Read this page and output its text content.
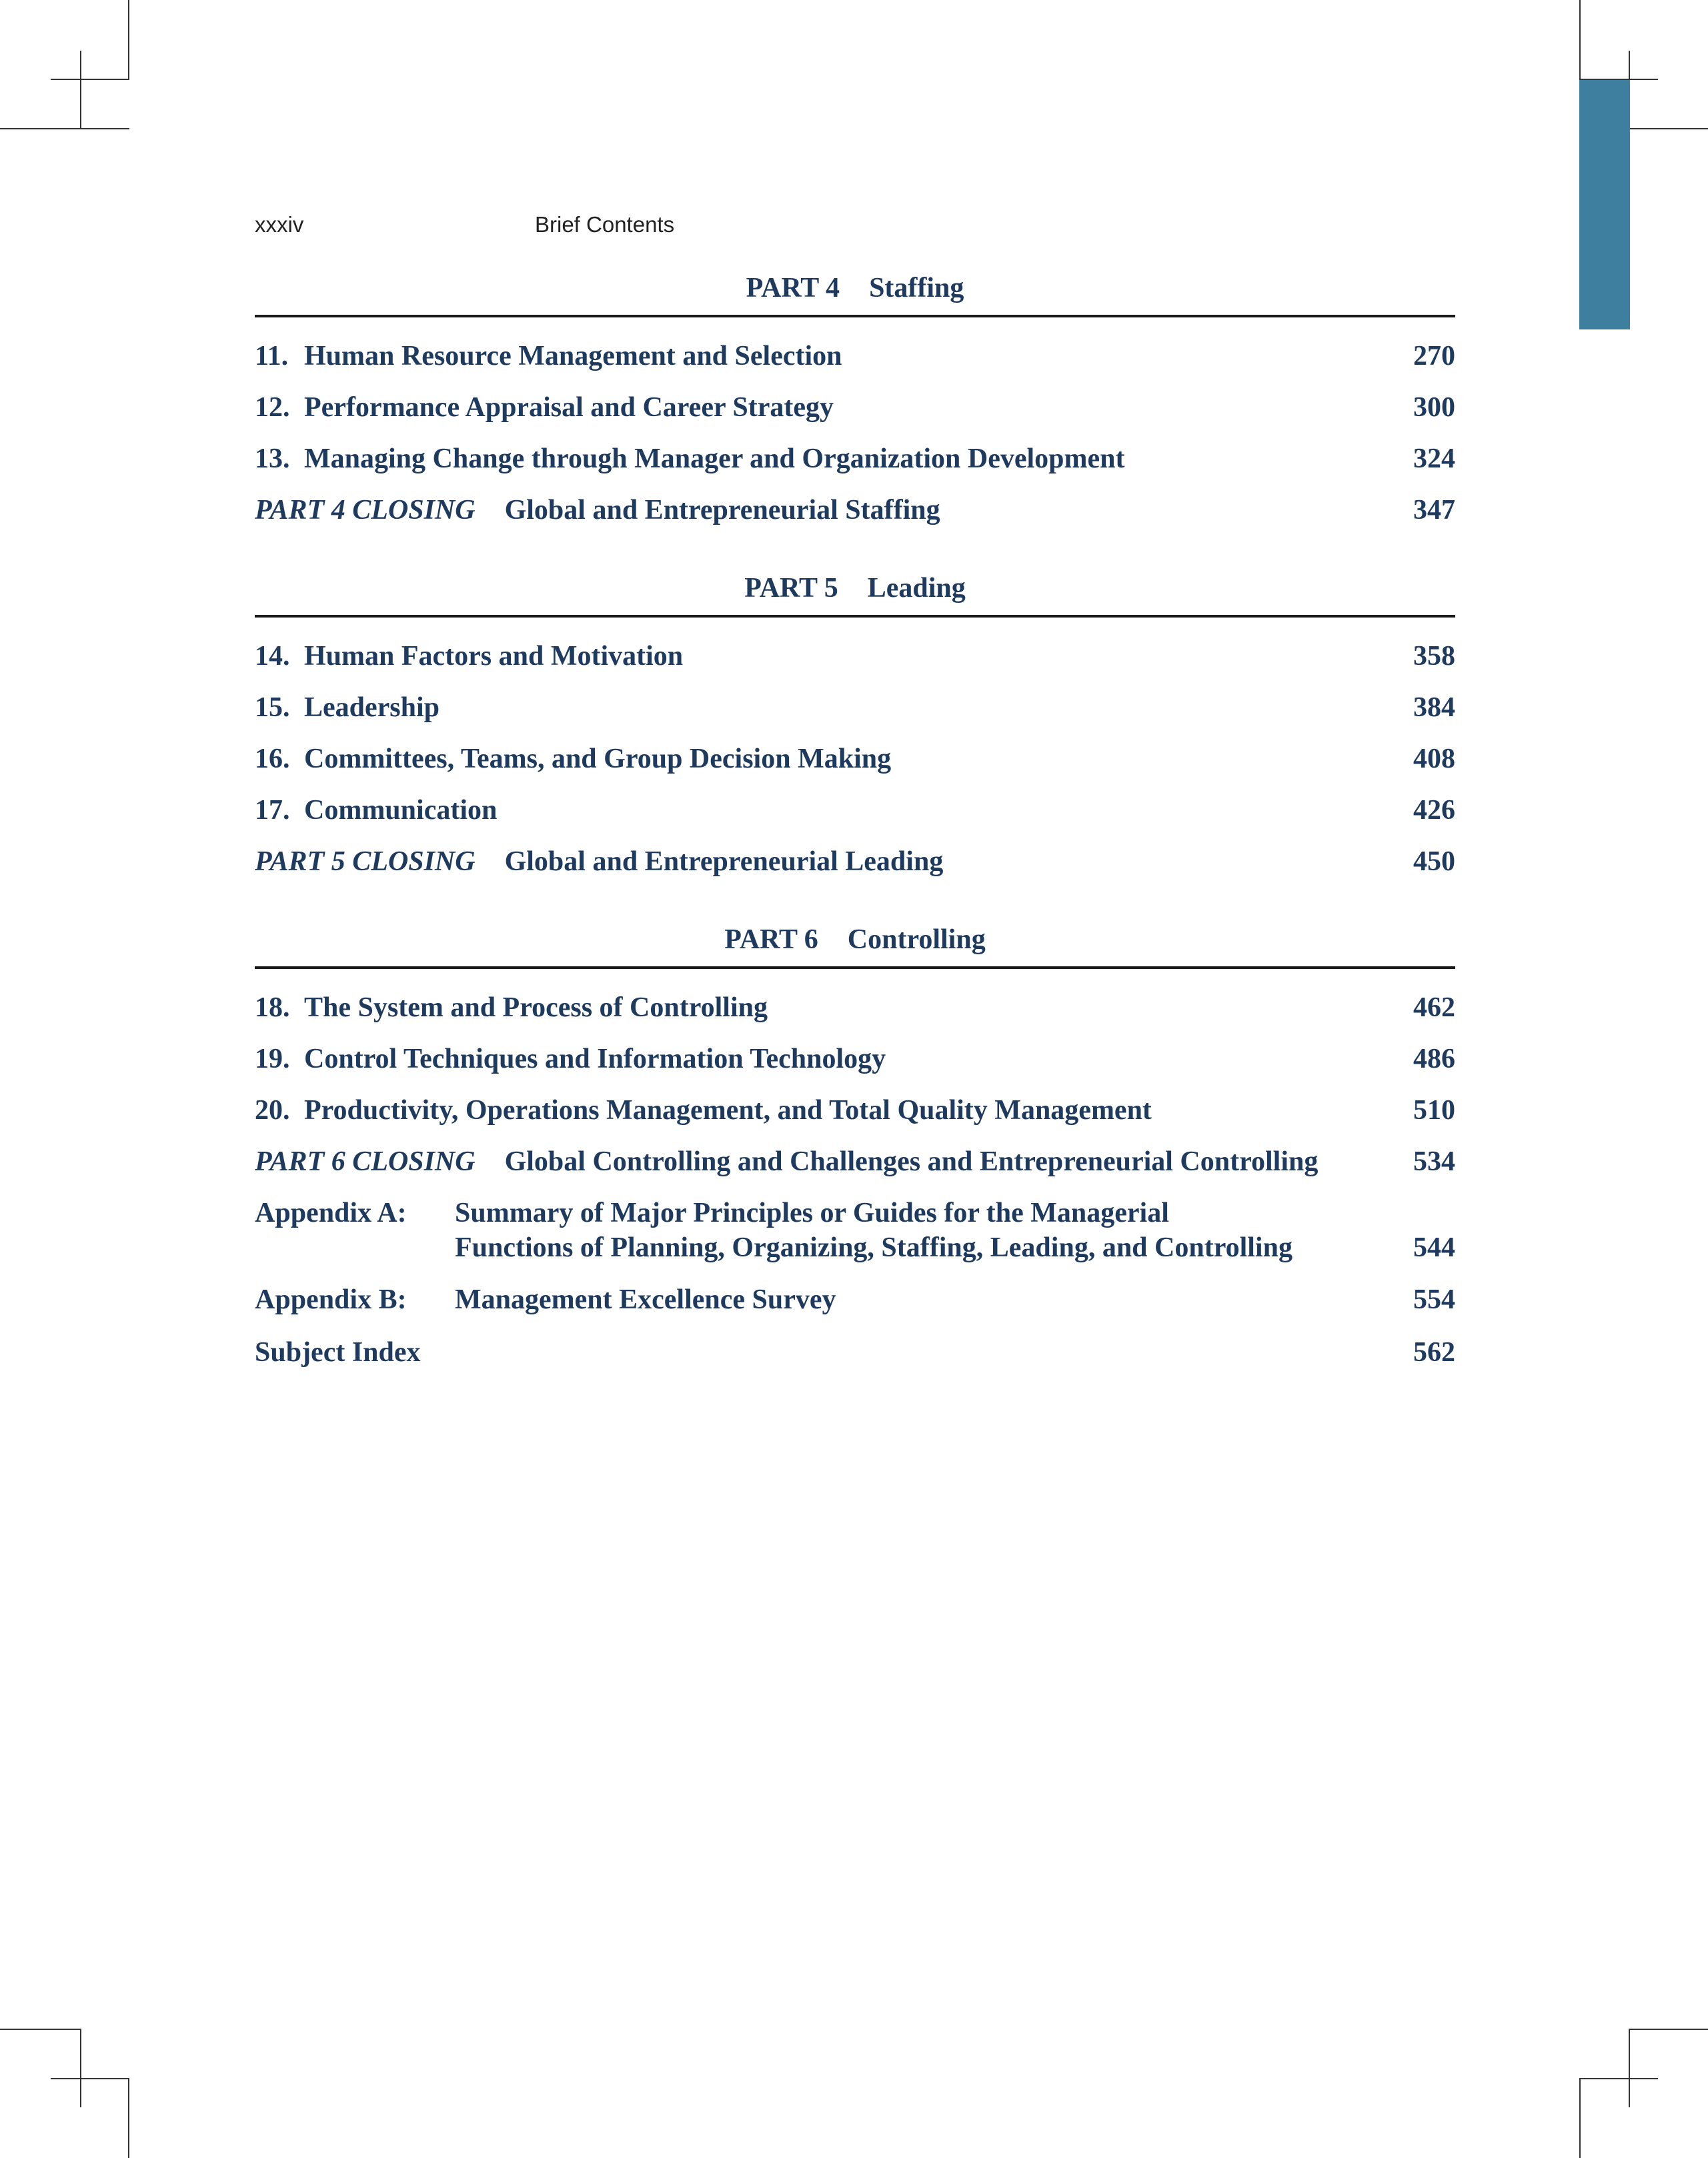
xxxiv	Brief Contents
PART 4 Staffing
11. Human Resource Management and Selection	270
12. Performance Appraisal and Career Strategy	300
13. Managing Change through Manager and Organization Development	324
PART 4 CLOSING Global and Entrepreneurial Staffing	347
PART 5 Leading
14. Human Factors and Motivation	358
15. Leadership	384
16. Committees, Teams, and Group Decision Making	408
17. Communication	426
PART 5 CLOSING Global and Entrepreneurial Leading	450
PART 6 Controlling
18. The System and Process of Controlling	462
19. Control Techniques and Information Technology	486
20. Productivity, Operations Management, and Total Quality Management	510
PART 6 CLOSING Global Controlling and Challenges and Entrepreneurial Controlling	534
Appendix A: Summary of Major Principles or Guides for the Managerial
Functions of Planning, Organizing, Staffing, Leading, and Controlling	544
Appendix B: Management Excellence Survey	554
Subject Index	562
